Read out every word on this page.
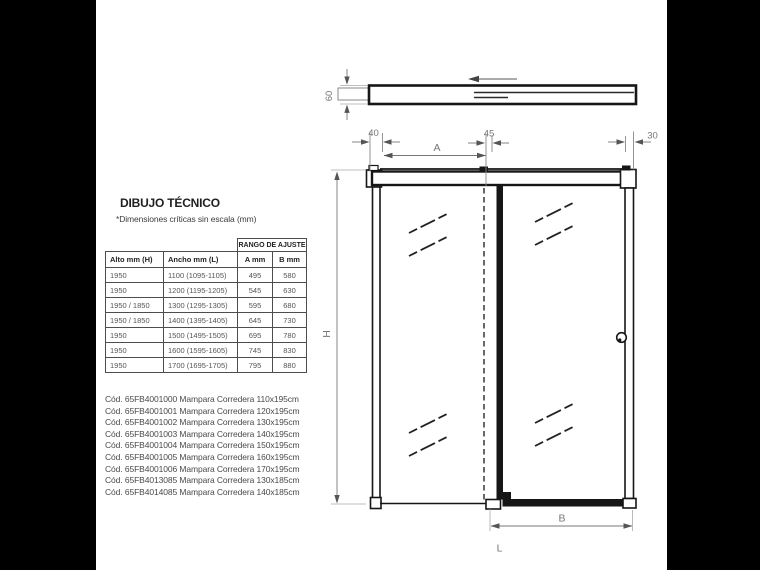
DIBUJO TÉCNICO
*Dimensiones críticas sin escala (mm)
		RANGO DE AJUSTE	
Alto mm (H)	Ancho mm (L)	A mm	B mm
1950	1100 (1095-1105)	495	580
1950	1200 (1195-1205)	545	630
1950 / 1850	1300 (1295-1305)	595	680
1950 / 1850	1400 (1395-1405)	645	730
1950	1500 (1495-1505)	695	780
1950	1600 (1595-1605)	745	830
1950	1700 (1695-1705)	795	880
Cód. 65FB4001000 Mampara Corredera 110x195cm
Cód. 65FB4001001 Mampara Corredera 120x195cm
Cód. 65FB4001002 Mampara Corredera 130x195cm
Cód. 65FB4001003 Mampara Corredera 140x195cm
Cód. 65FB4001004 Mampara Corredera 150x195cm
Cód. 65FB4001005 Mampara Corredera 160x195cm
Cód. 65FB4001006 Mampara Corredera 170x195cm
Cód. 65FB4013085 Mampara Corredera 130x185cm
Cód. 65FB4014085 Mampara Corredera 140x185cm
60
40	45	30
A
H
B
L
